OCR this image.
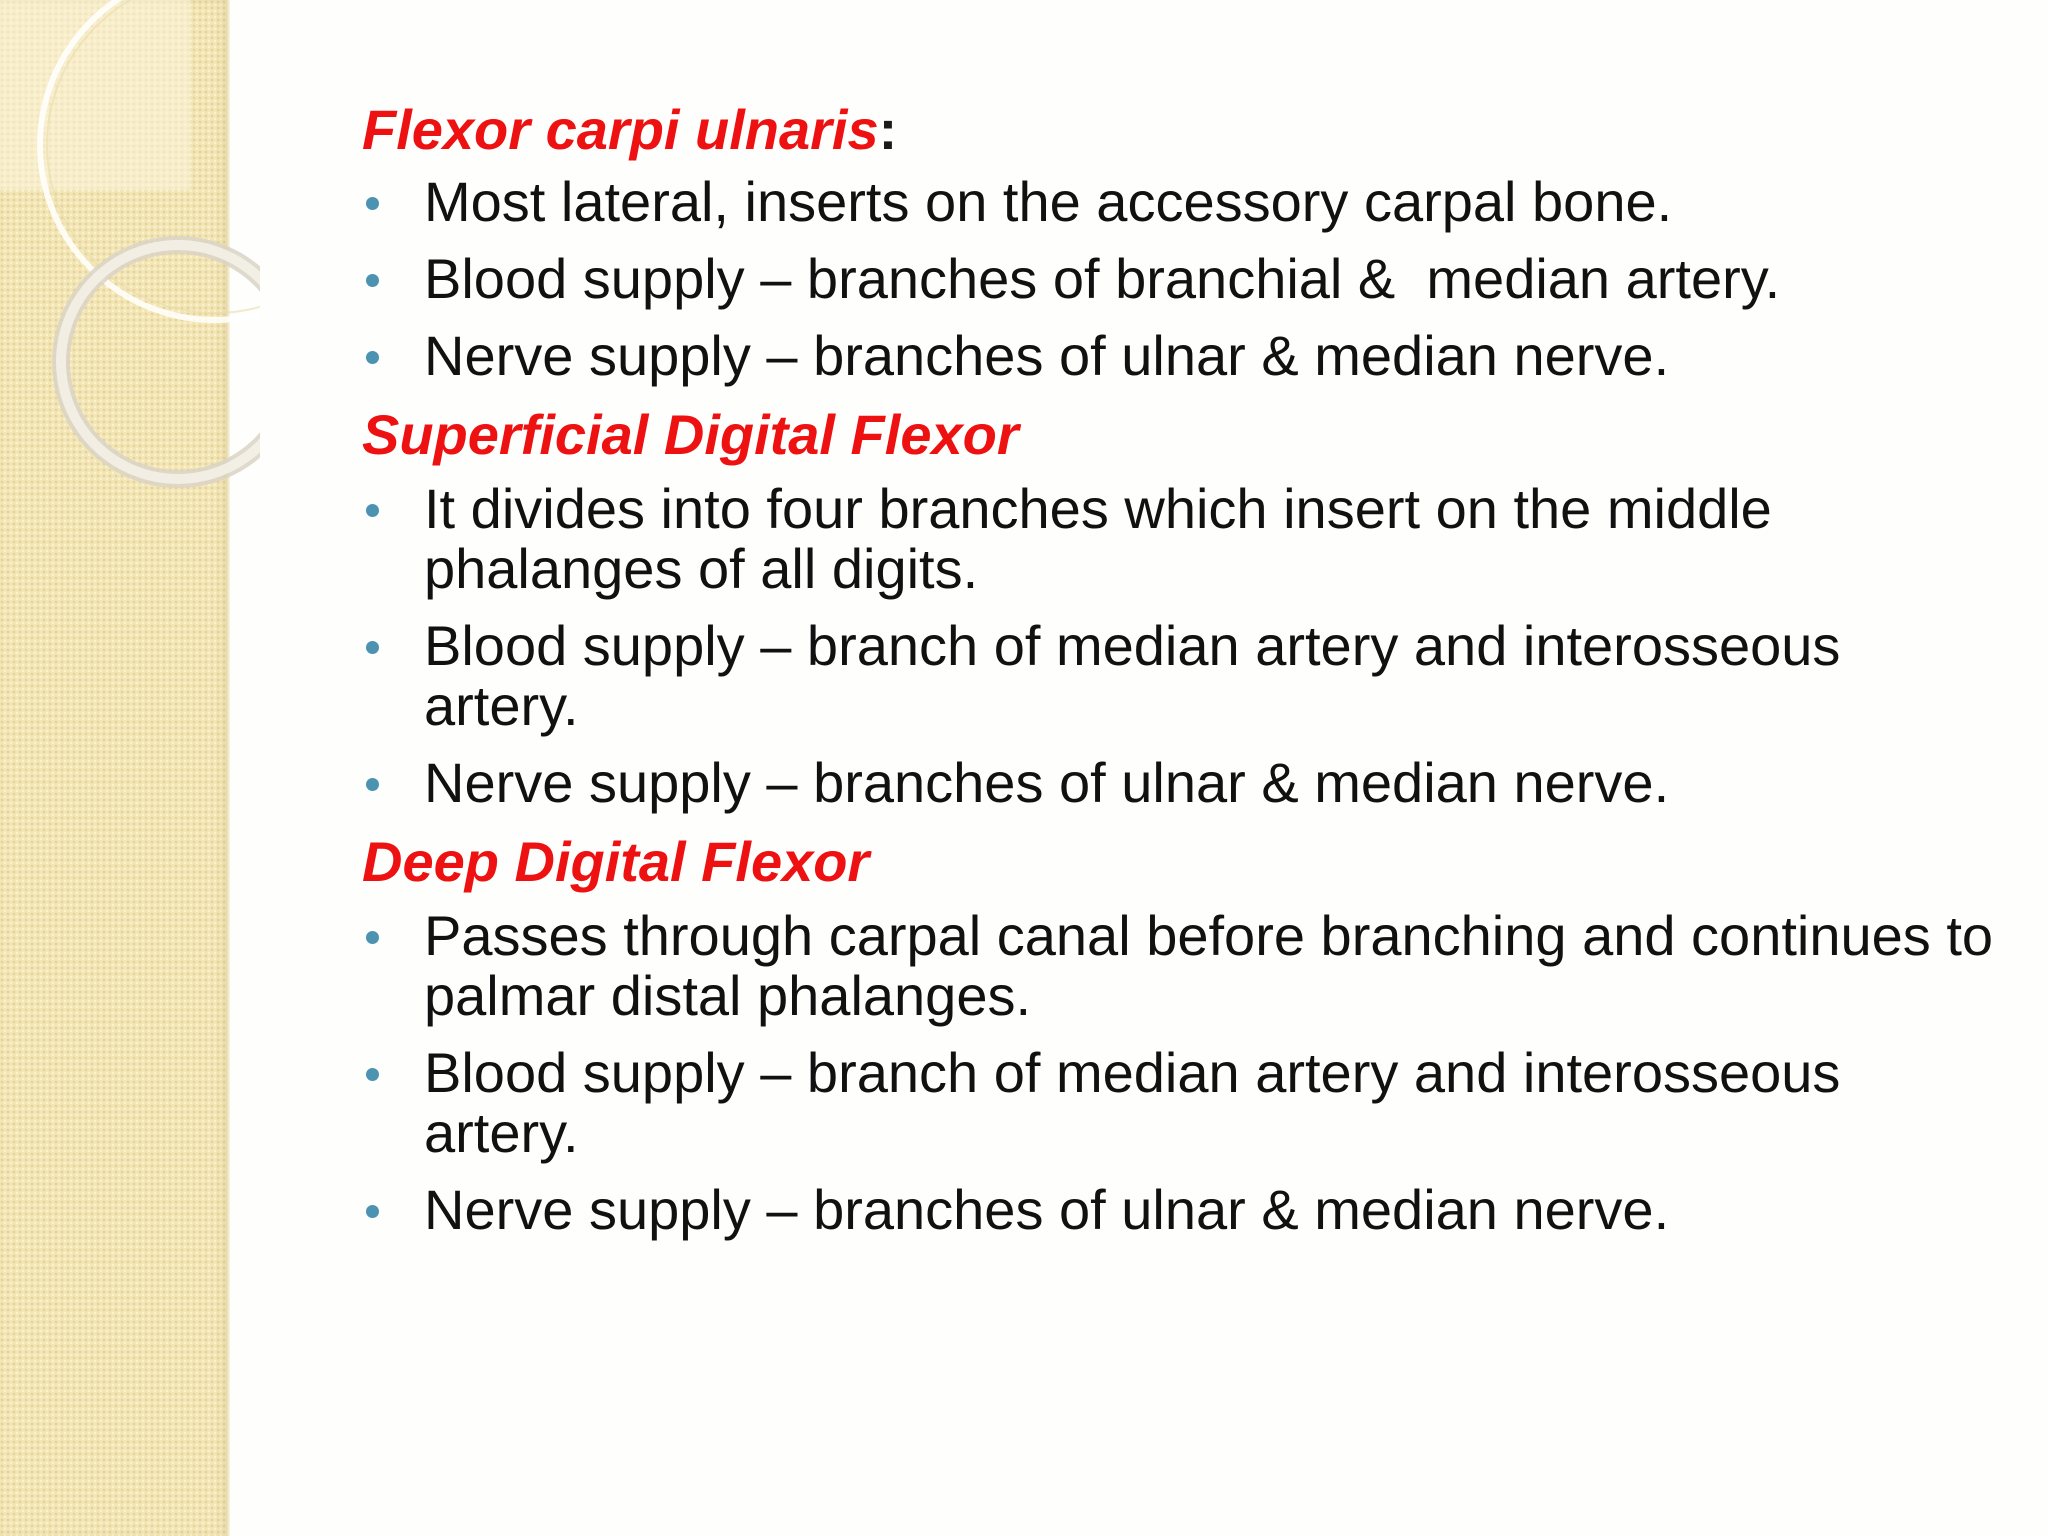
Flexor carpi ulnaris:
Most lateral, inserts on the accessory carpal bone.
Blood supply – branches of branchial &  median artery.
Nerve supply – branches of ulnar & median nerve.
Superficial Digital Flexor
It divides into four branches which insert on the middle phalanges of all digits.
Blood supply – branch of median artery and interosseous artery.
Nerve supply – branches of ulnar & median nerve.
Deep Digital Flexor
Passes through carpal canal before branching and continues to palmar distal phalanges.
Blood supply – branch of median artery and interosseous artery.
Nerve supply – branches of ulnar & median nerve.
